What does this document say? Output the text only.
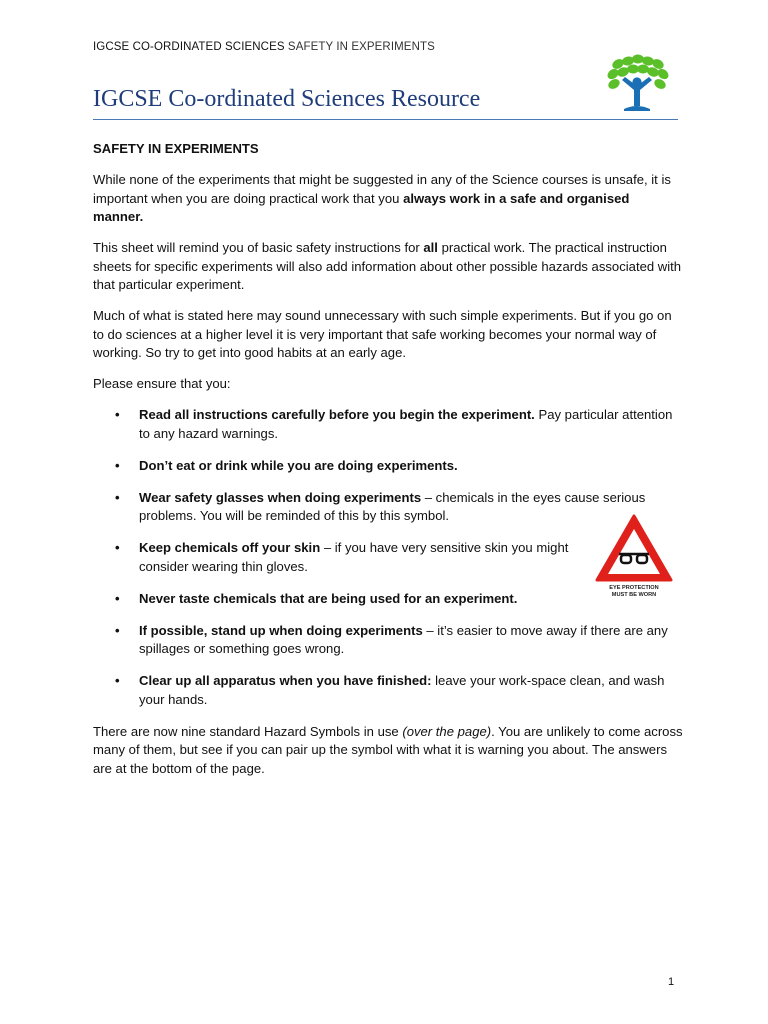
IGCSE CO-ORDINATED SCIENCES SAFETY IN EXPERIMENTS
IGCSE Co-ordinated Sciences Resource
SAFETY IN EXPERIMENTS

While none of the experiments that might be suggested in any of the Science courses is unsafe, it is important when you are doing practical work that you always work in a safe and organised manner.

This sheet will remind you of basic safety instructions for all practical work. The practical instruction sheets for specific experiments will also add information about other possible hazards associated with that particular experiment.

Much of what is stated here may sound unnecessary with such simple experiments. But if you go on to do sciences at a higher level it is very important that safe working becomes your normal way of working. So try to get into good habits at an early age.

Please ensure that you:

• Read all instructions carefully before you begin the experiment. Pay particular attention to any hazard warnings.
• Don’t eat or drink while you are doing experiments.
• Wear safety glasses when doing experiments – chemicals in the eyes cause serious problems. You will be reminded of this by this symbol.
• Keep chemicals off your skin – if you have very sensitive skin you might consider wearing thin gloves.
• Never taste chemicals that are being used for an experiment.
• If possible, stand up when doing experiments – it’s easier to move away if there are any spillages or something goes wrong.
• Clear up all apparatus when you have finished: leave your work-space clean, and wash your hands.

There are now nine standard Hazard Symbols in use (over the page). You are unlikely to come across many of them, but see if you can pair up the symbol with what it is warning you about. The answers are at the bottom of the page.

EYE PROTECTION
MUST BE WORN
1
